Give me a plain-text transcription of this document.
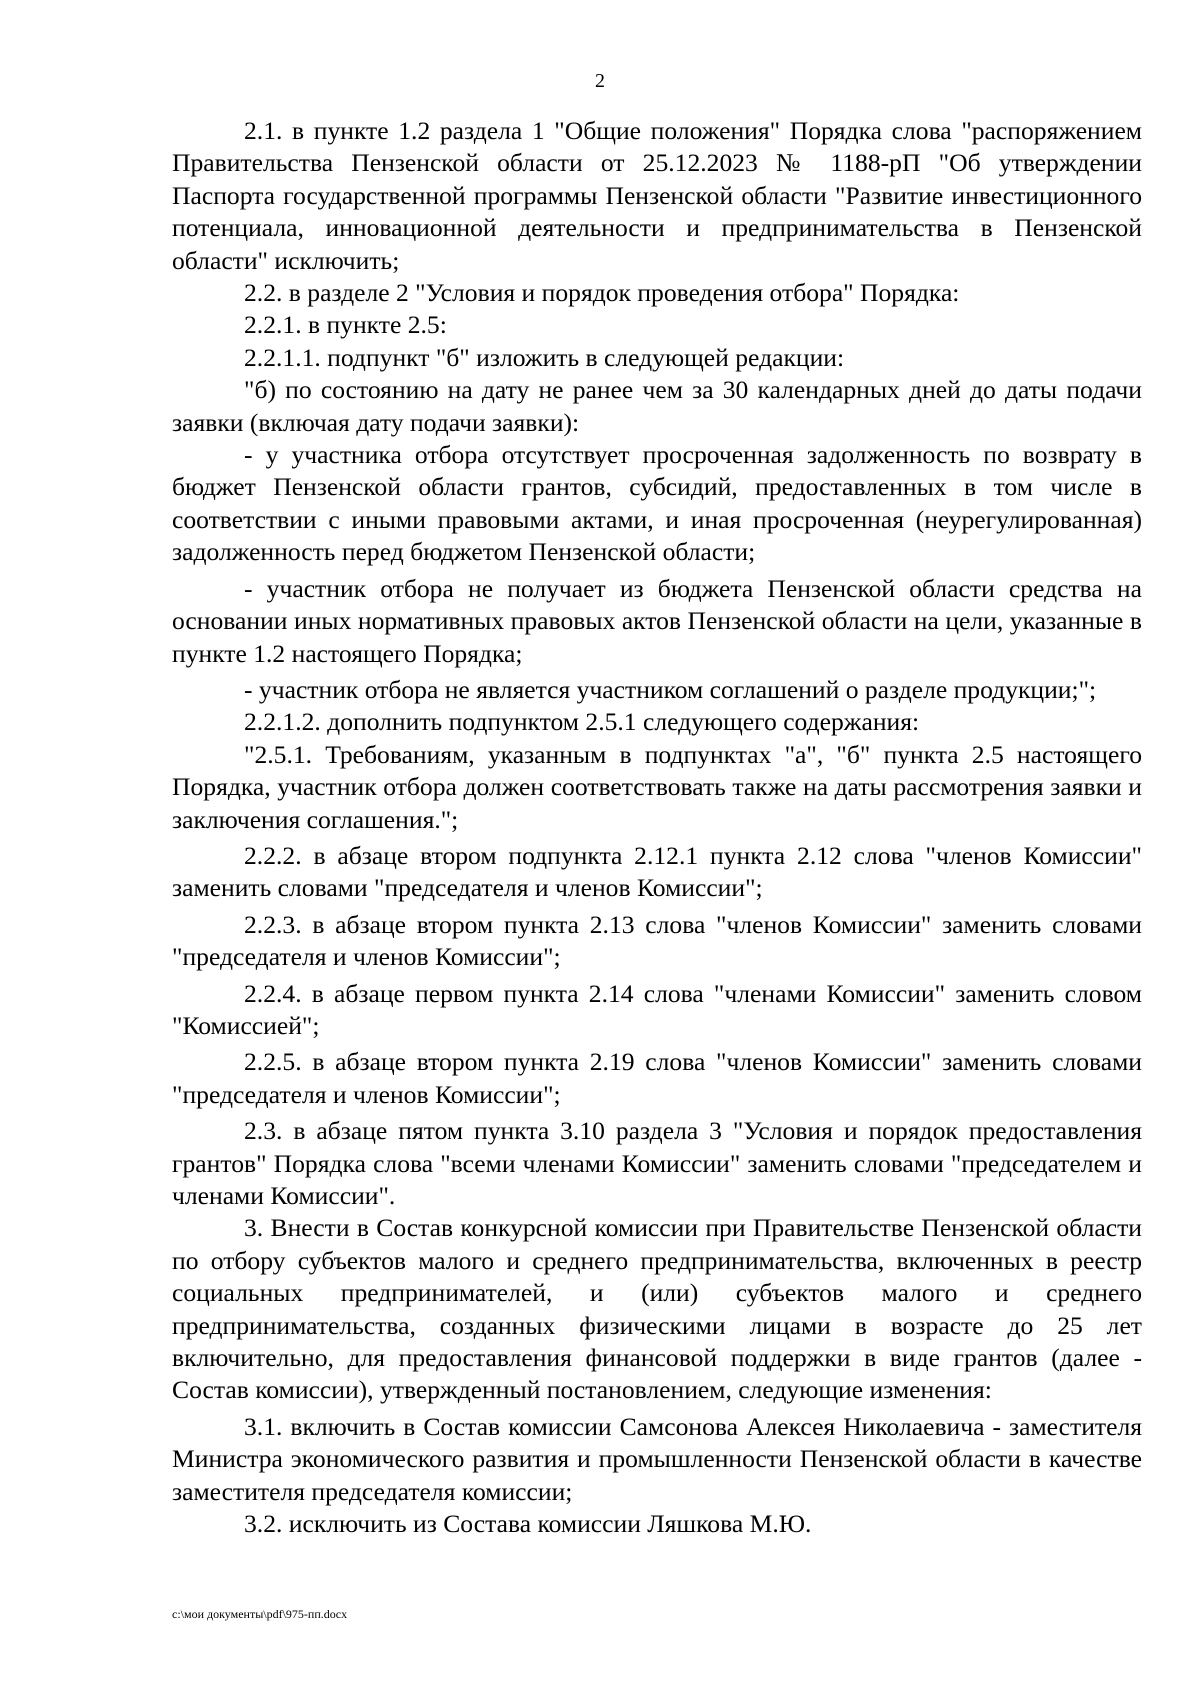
2

2.1. в пункте 1.2 раздела 1 "Общие положения" Порядка слова "распоряжением Правительства Пензенской области от 25.12.2023 № 1188-рП "Об утверждении Паспорта государственной программы Пензенской области "Развитие инвестиционного потенциала, инновационной деятельности и предпринимательства в Пензенской области" исключить;

2.2. в разделе 2 "Условия и порядок проведения отбора" Порядка:

2.2.1. в пункте 2.5:

2.2.1.1. подпункт "б" изложить в следующей редакции:

"б) по состоянию на дату не ранее чем за 30 календарных дней до даты подачи заявки (включая дату подачи заявки):

- у участника отбора отсутствует просроченная задолженность по возврату в бюджет Пензенской области грантов, субсидий, предоставленных в том числе в соответствии с иными правовыми актами, и иная просроченная (неурегулированная) задолженность перед бюджетом Пензенской области;

- участник отбора не получает из бюджета Пензенской области средства на основании иных нормативных правовых актов Пензенской области на цели, указанные в пункте 1.2 настоящего Порядка;

- участник отбора не является участником соглашений о разделе продукции;";

2.2.1.2. дополнить подпунктом 2.5.1 следующего содержания:

"2.5.1. Требованиям, указанным в подпунктах "а", "б" пункта 2.5 настоящего Порядка, участник отбора должен соответствовать также на даты рассмотрения заявки и заключения соглашения.";

2.2.2. в абзаце втором подпункта 2.12.1 пункта 2.12 слова "членов Комиссии" заменить словами "председателя и членов Комиссии";

2.2.3. в абзаце втором пункта 2.13 слова "членов Комиссии" заменить словами "председателя и членов Комиссии";

2.2.4. в абзаце первом пункта 2.14 слова "членами Комиссии" заменить словом "Комиссией";

2.2.5. в абзаце втором пункта 2.19 слова "членов Комиссии" заменить словами "председателя и членов Комиссии";

2.3. в абзаце пятом пункта 3.10 раздела 3 "Условия и порядок предоставления грантов" Порядка слова "всеми членами Комиссии" заменить словами "председателем и членами Комиссии".

3. Внести в Состав конкурсной комиссии при Правительстве Пензенской области по отбору субъектов малого и среднего предпринимательства, включенных в реестр социальных предпринимателей, и (или) субъектов малого и среднего предпринимательства, созданных физическими лицами в возрасте до 25 лет включительно, для предоставления финансовой поддержки в виде грантов (далее - Состав комиссии), утвержденный постановлением, следующие изменения:

3.1. включить в Состав комиссии Самсонова Алексея Николаевича - заместителя Министра экономического развития и промышленности Пензенской области в качестве заместителя председателя комиссии;

3.2. исключить из Состава комиссии Ляшкова М.Ю.

c:\мои документы\pdf\975-пп.docx
